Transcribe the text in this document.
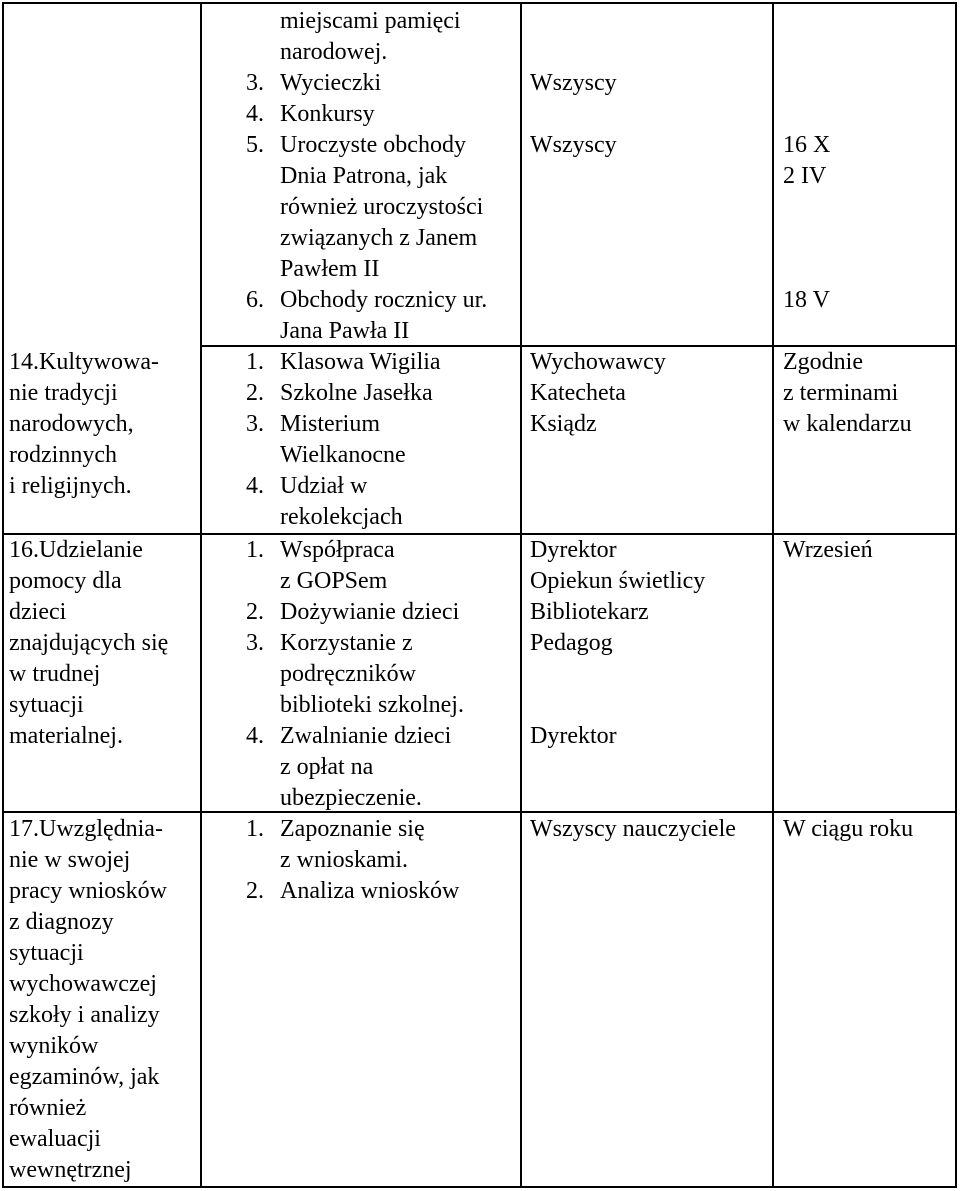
miejscami pamięci
narodowej.
3. Wycieczki
4. Konkursy
5. Uroczyste obchody
Dnia Patrona, jak
również uroczystości
związanych z Janem
Pawłem II
6. Obchody rocznicy ur.
Jana Pawła II
Wszyscy
Wszyscy	16 X
2 IV
18 V
14.Kultywowa-
nie tradycji
narodowych,
rodzinnych
i religijnych.
1. Klasowa Wigilia
2. Szkolne Jasełka
3. Misterium
Wielkanocne
4. Udział w
rekolekcjach
Wychowawcy
Katecheta
Ksiądz
Zgodnie
z terminami
w kalendarzu
16.Udzielanie
pomocy dla
dzieci
znajdujących się
w trudnej
sytuacji
materialnej.
1. Współpraca
z GOPSem
2. Dożywianie dzieci
3. Korzystanie z
podręczników
biblioteki szkolnej.
4. Zwalnianie dzieci
z opłat na
ubezpieczenie.
Dyrektor
Opiekun świetlicy
Bibliotekarz
Pedagog
Dyrektor
Wrzesień
17.Uwzględnia-
nie w swojej
pracy wniosków
z diagnozy
sytuacji
wychowawczej
szkoły i analizy
wyników
egzaminów, jak
również
ewaluacji
wewnętrznej
1. Zapoznanie się
z wnioskami.
2. Analiza wniosków
Wszyscy nauczyciele W ciągu roku
